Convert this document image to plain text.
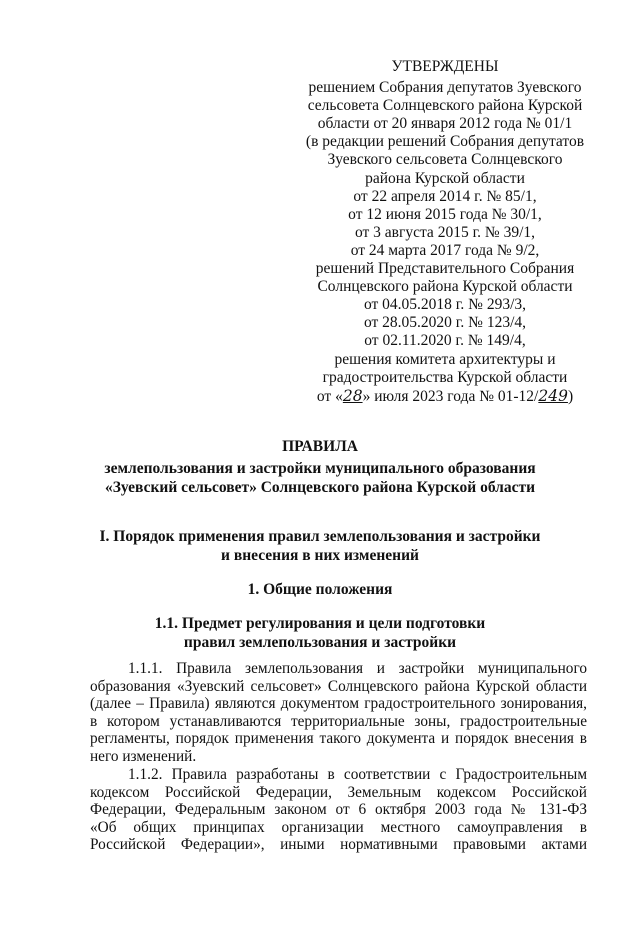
УТВЕРЖДЕНЫ
решением Собрания депутатов Зуевского
сельсовета Солнцевского района Курской
области от 20 января 2012 года № 01/1
(в редакции решений Собрания депутатов
Зуевского сельсовета Солнцевского
района Курской области
от 22 апреля 2014 г. № 85/1,
от 12 июня 2015 года № 30/1,
от 3 августа 2015 г. № 39/1,
от 24 марта 2017 года № 9/2,
решений Представительного Собрания
Солнцевского района Курской области
от 04.05.2018 г. № 293/3,
от 28.05.2020 г. № 123/4,
от 02.11.2020 г. № 149/4,
решения комитета архитектуры и
градостроительства Курской области
от «28» июля 2023 года № 01-12/249)
ПРАВИЛА
землепользования и застройки муниципального образования
«Зуевский сельсовет» Солнцевского района Курской области
I. Порядок применения правил землепользования и застройки
и внесения в них изменений
1. Общие положения
1.1. Предмет регулирования и цели подготовки
правил землепользования и застройки
1.1.1. Правила землепользования и застройки муниципального
образования «Зуевский сельсовет» Солнцевского района Курской области
(далее – Правила) являются документом градостроительного зонирования,
в котором устанавливаются территориальные зоны, градостроительные
регламенты, порядок применения такого документа и порядок внесения в
него изменений.
1.1.2. Правила разработаны в соответствии с Градостроительным
кодексом Российской Федерации, Земельным кодексом Российской
Федерации, Федеральным законом от 6 октября 2003 года № 131-ФЗ
«Об общих принципах организации местного самоуправления в
Российской Федерации», иными нормативными правовыми актами
